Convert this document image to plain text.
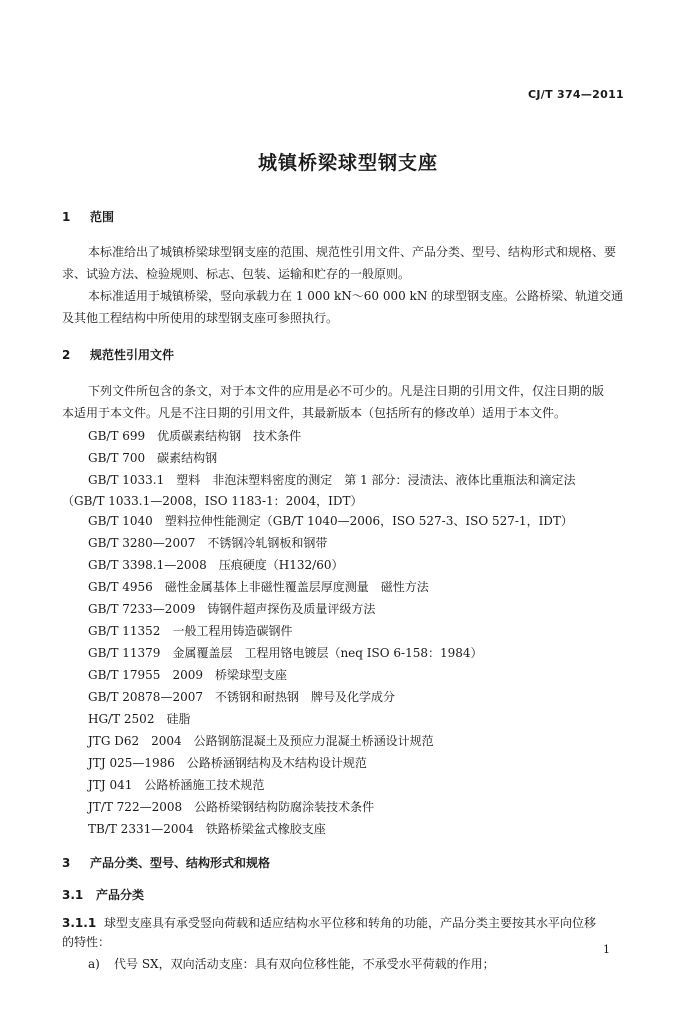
CJ/T 374—2011
城镇桥梁球型钢支座
1 范围
本标准给出了城镇桥梁球型钢支座的范围、规范性引用文件、产品分类、型号、结构形式和规格、要
求、试验方法、检验规则、标志、包装、运输和贮存的一般原则。
本标准适用于城镇桥梁，竖向承载力在 1 000 kN～60 000 kN 的球型钢支座。公路桥梁、轨道交通
及其他工程结构中所使用的球型钢支座可参照执行。
2 规范性引用文件
下列文件所包含的条文，对于本文件的应用是必不可少的。凡是注日期的引用文件，仅注日期的版
本适用于本文件。凡是不注日期的引用文件，其最新版本（包括所有的修改单）适用于本文件。
GB/T 699　优质碳素结构钢　技术条件
GB/T 700　碳素结构钢
GB/T 1033.1　塑料　非泡沫塑料密度的测定　第 1 部分：浸渍法、液体比重瓶法和滴定法
（GB/T 1033.1—2008，ISO 1183-1：2004，IDT）
GB/T 1040　塑料拉伸性能测定（GB/T 1040—2006，ISO 527-3、ISO 527-1，IDT）
GB/T 3280—2007　不锈钢冷轧钢板和钢带
GB/T 3398.1—2008　压痕硬度（H132/60）
GB/T 4956　磁性金属基体上非磁性覆盖层厚度测量　磁性方法
GB/T 7233—2009　铸钢件超声探伤及质量评级方法
GB/T 11352　一般工程用铸造碳钢件
GB/T 11379　金属覆盖层　工程用铬电镀层（neq ISO 6-158：1984）
GB/T 17955　2009　桥梁球型支座
GB/T 20878—2007　不锈钢和耐热钢　牌号及化学成分
HG/T 2502　硅脂
JTG D62　2004　公路钢筋混凝土及预应力混凝土桥涵设计规范
JTJ 025—1986　公路桥涵钢结构及木结构设计规范
JTJ 041　公路桥涵施工技术规范
JT/T 722—2008　公路桥梁钢结构防腐涂装技术条件
TB/T 2331—2004　铁路桥梁盆式橡胶支座
3 产品分类、型号、结构形式和规格
3.1 产品分类
3.1.1 球型支座具有承受竖向荷载和适应结构水平位移和转角的功能，产品分类主要按其水平向位移
的特性：
a) 代号 SX，双向活动支座：具有双向位移性能，不承受水平荷载的作用；
1
